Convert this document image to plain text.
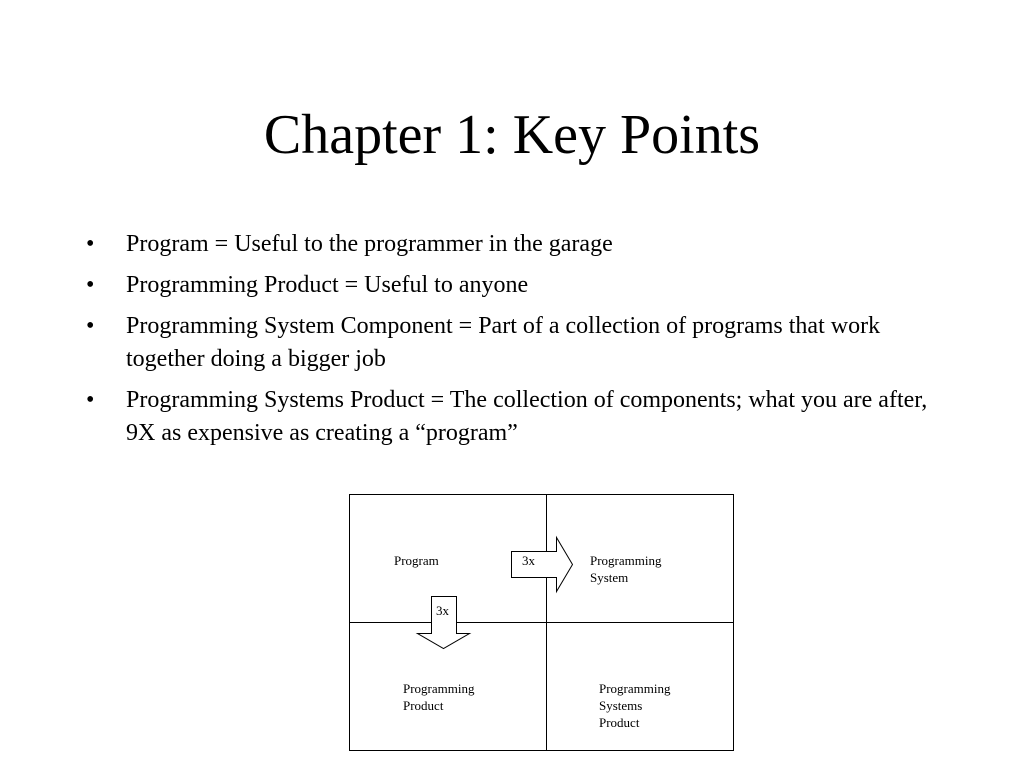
Chapter 1: Key Points
• Program = Useful to the programmer in the garage
• Programming Product = Useful to anyone
• Programming System Component = Part of a collection of programs that work together doing a bigger job
• Programming Systems Product = The collection of components; what you are after, 9X as expensive as creating a “program”
3x
3x
Program	Programming System
Programming Product
Programming Systems Product
